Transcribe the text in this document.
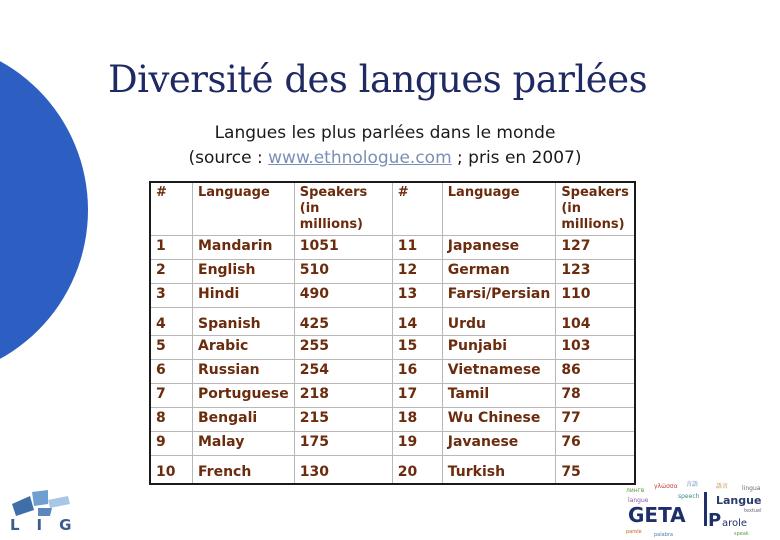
Diversité des langues parlées
Langues les plus parlées dans le monde
(source : www.ethnologue.com ; pris en 2007)
#	Language	Speakers (in millions)	#	Language	Speakers (in millions)
1	Mandarin	1051	11	Japanese	127
2	English	510	12	German	123
3	Hindi	490	13	Farsi/Persian	110
4	Spanish	425	14	Urdu	104
5	Arabic	255	15	Punjabi	103
6	Russian	254	16	Vietnamese	86
7	Portuguese	218	17	Tamil	78
8	Bengali	215	18	Wu Chinese	77
9	Malay	175	19	Javanese	76
10	French	130	20	Turkish	75
LIG
лингв
γλώσσα 言語	語言 lingua
langue
speech Langue
GETA P arole
textuel
parole palabra	speak
